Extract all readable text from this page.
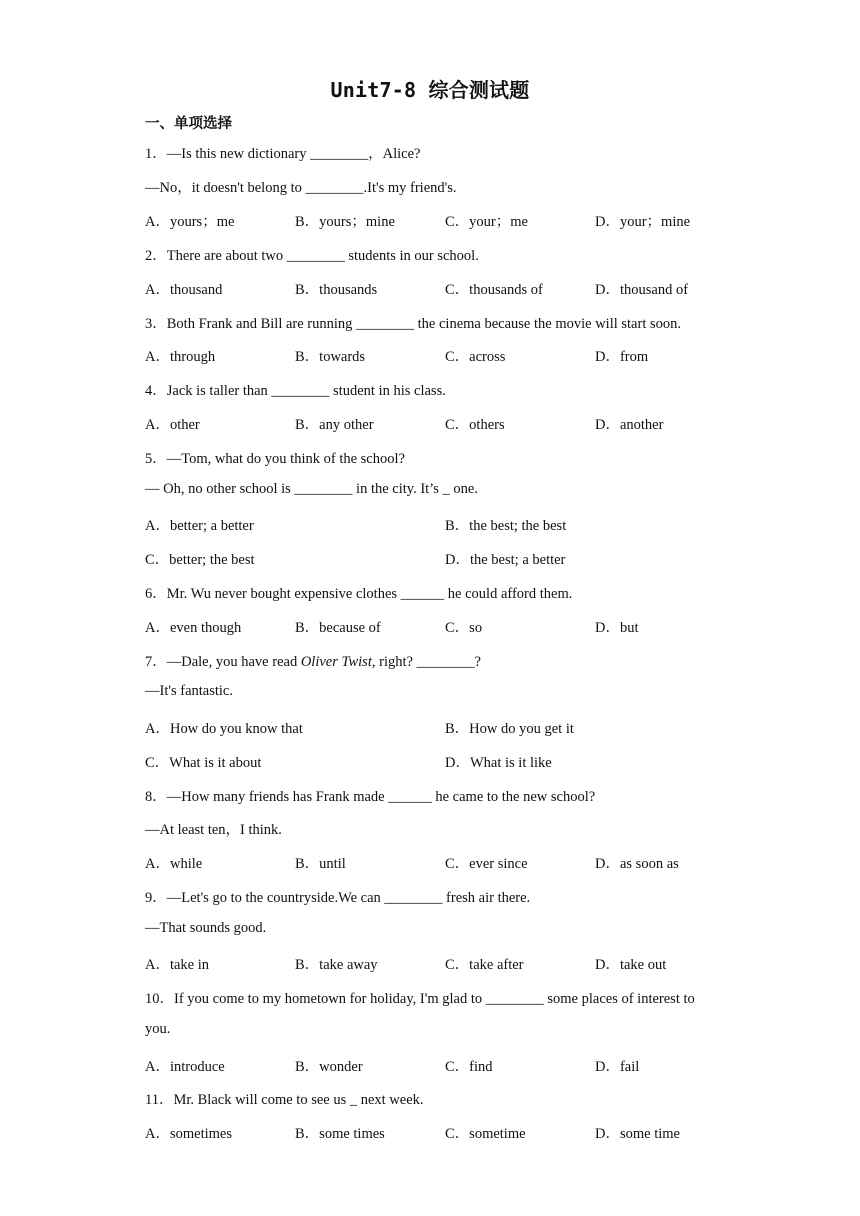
Unit7-8 综合测试题
一、单项选择
1．—Is this new dictionary ________，Alice?
—No，it doesn't belong to ________.It's my friend's.
A．yours；me	B．yours；mine	C．your；me	D．your；mine
2．There are about two ________ students in our school.
A．thousand	B．thousands	C．thousands of	D．thousand of
3．Both Frank and Bill are running ________ the cinema because the movie will start soon.
A．through	B．towards	C．across	D．from
4．Jack is taller than ________ student in his class.
A．other	B．any other	C．others	D．another
5．—Tom, what do you think of the school?
— Oh, no other school is ________ in the city. It’s _ one.
A．better; a better	B．the best; the best
C．better; the best	D．the best; a better
6．Mr. Wu never bought expensive clothes ______ he could afford them.
A．even though	B．because of	C．so	D．but
7．—Dale, you have read Oliver Twist, right? ________?
—It's fantastic.
A．How do you know that	B．How do you get it
C．What is it about	D．What is it like
8．—How many friends has Frank made ______ he came to the new school?
—At least ten，I think.
A．while	B．until	C．ever since	D．as soon as
9．—Let's go to the countryside.We can ________ fresh air there.
—That sounds good.
A．take in	B．take away	C．take after	D．take out
10．If you come to my hometown for holiday, I'm glad to ________ some places of interest to
you.
A．introduce	B．wonder	C．find	D．fail
11．Mr. Black will come to see us _ next week.
A．sometimes	B．some times	C．sometime	D．some time
